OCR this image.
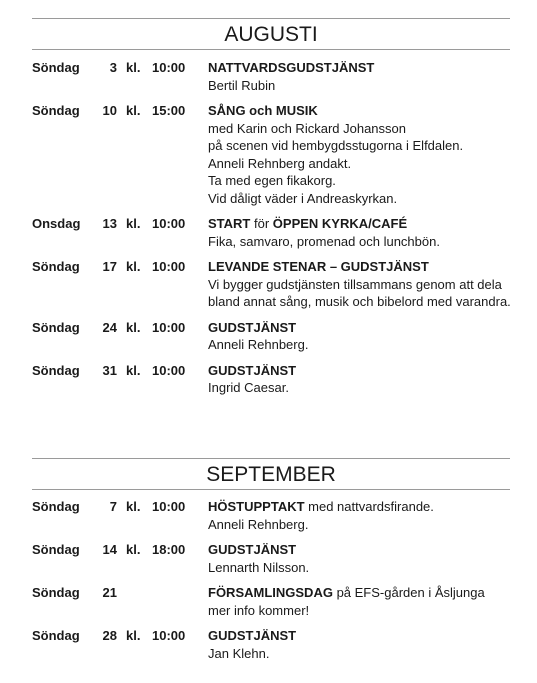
AUGUSTI
Söndag	3 kl. 10:00 NATTVARDSGUDSTJÄNST
Bertil Rubin
Söndag	10 kl. 15:00 SÅNG och MUSIK
med Karin och Rickard Johansson
på scenen vid hembygdsstugorna i Elfdalen.
Anneli Rehnberg andakt.
Ta med egen fikakorg.
Vid dåligt väder i Andreaskyrkan.
Onsdag	13 kl. 10:00 START för ÖPPEN KYRKA/CAFÉ
Fika, samvaro, promenad och lunchbön.
Söndag	17 kl. 10:00 LEVANDE STENAR – GUDSTJÄNST
Vi bygger gudstjänsten tillsammans genom att dela
bland annat sång, musik och bibelord med varandra.
Söndag	24 kl. 10:00 GUDSTJÄNST
Anneli Rehnberg.
Söndag	31 kl. 10:00 GUDSTJÄNST
Ingrid Caesar.
SEPTEMBER
Söndag	7 kl. 10:00 HÖSTUPPTAKT med nattvardsfirande.
Anneli Rehnberg.
Söndag	14 kl. 18:00 GUDSTJÄNST
Lennarth Nilsson.
Söndag	21	FÖRSAMLINGSDAG på EFS-gården i Åsljunga
mer info kommer!
Söndag	28 kl. 10:00 GUDSTJÄNST
Jan Klehn.
